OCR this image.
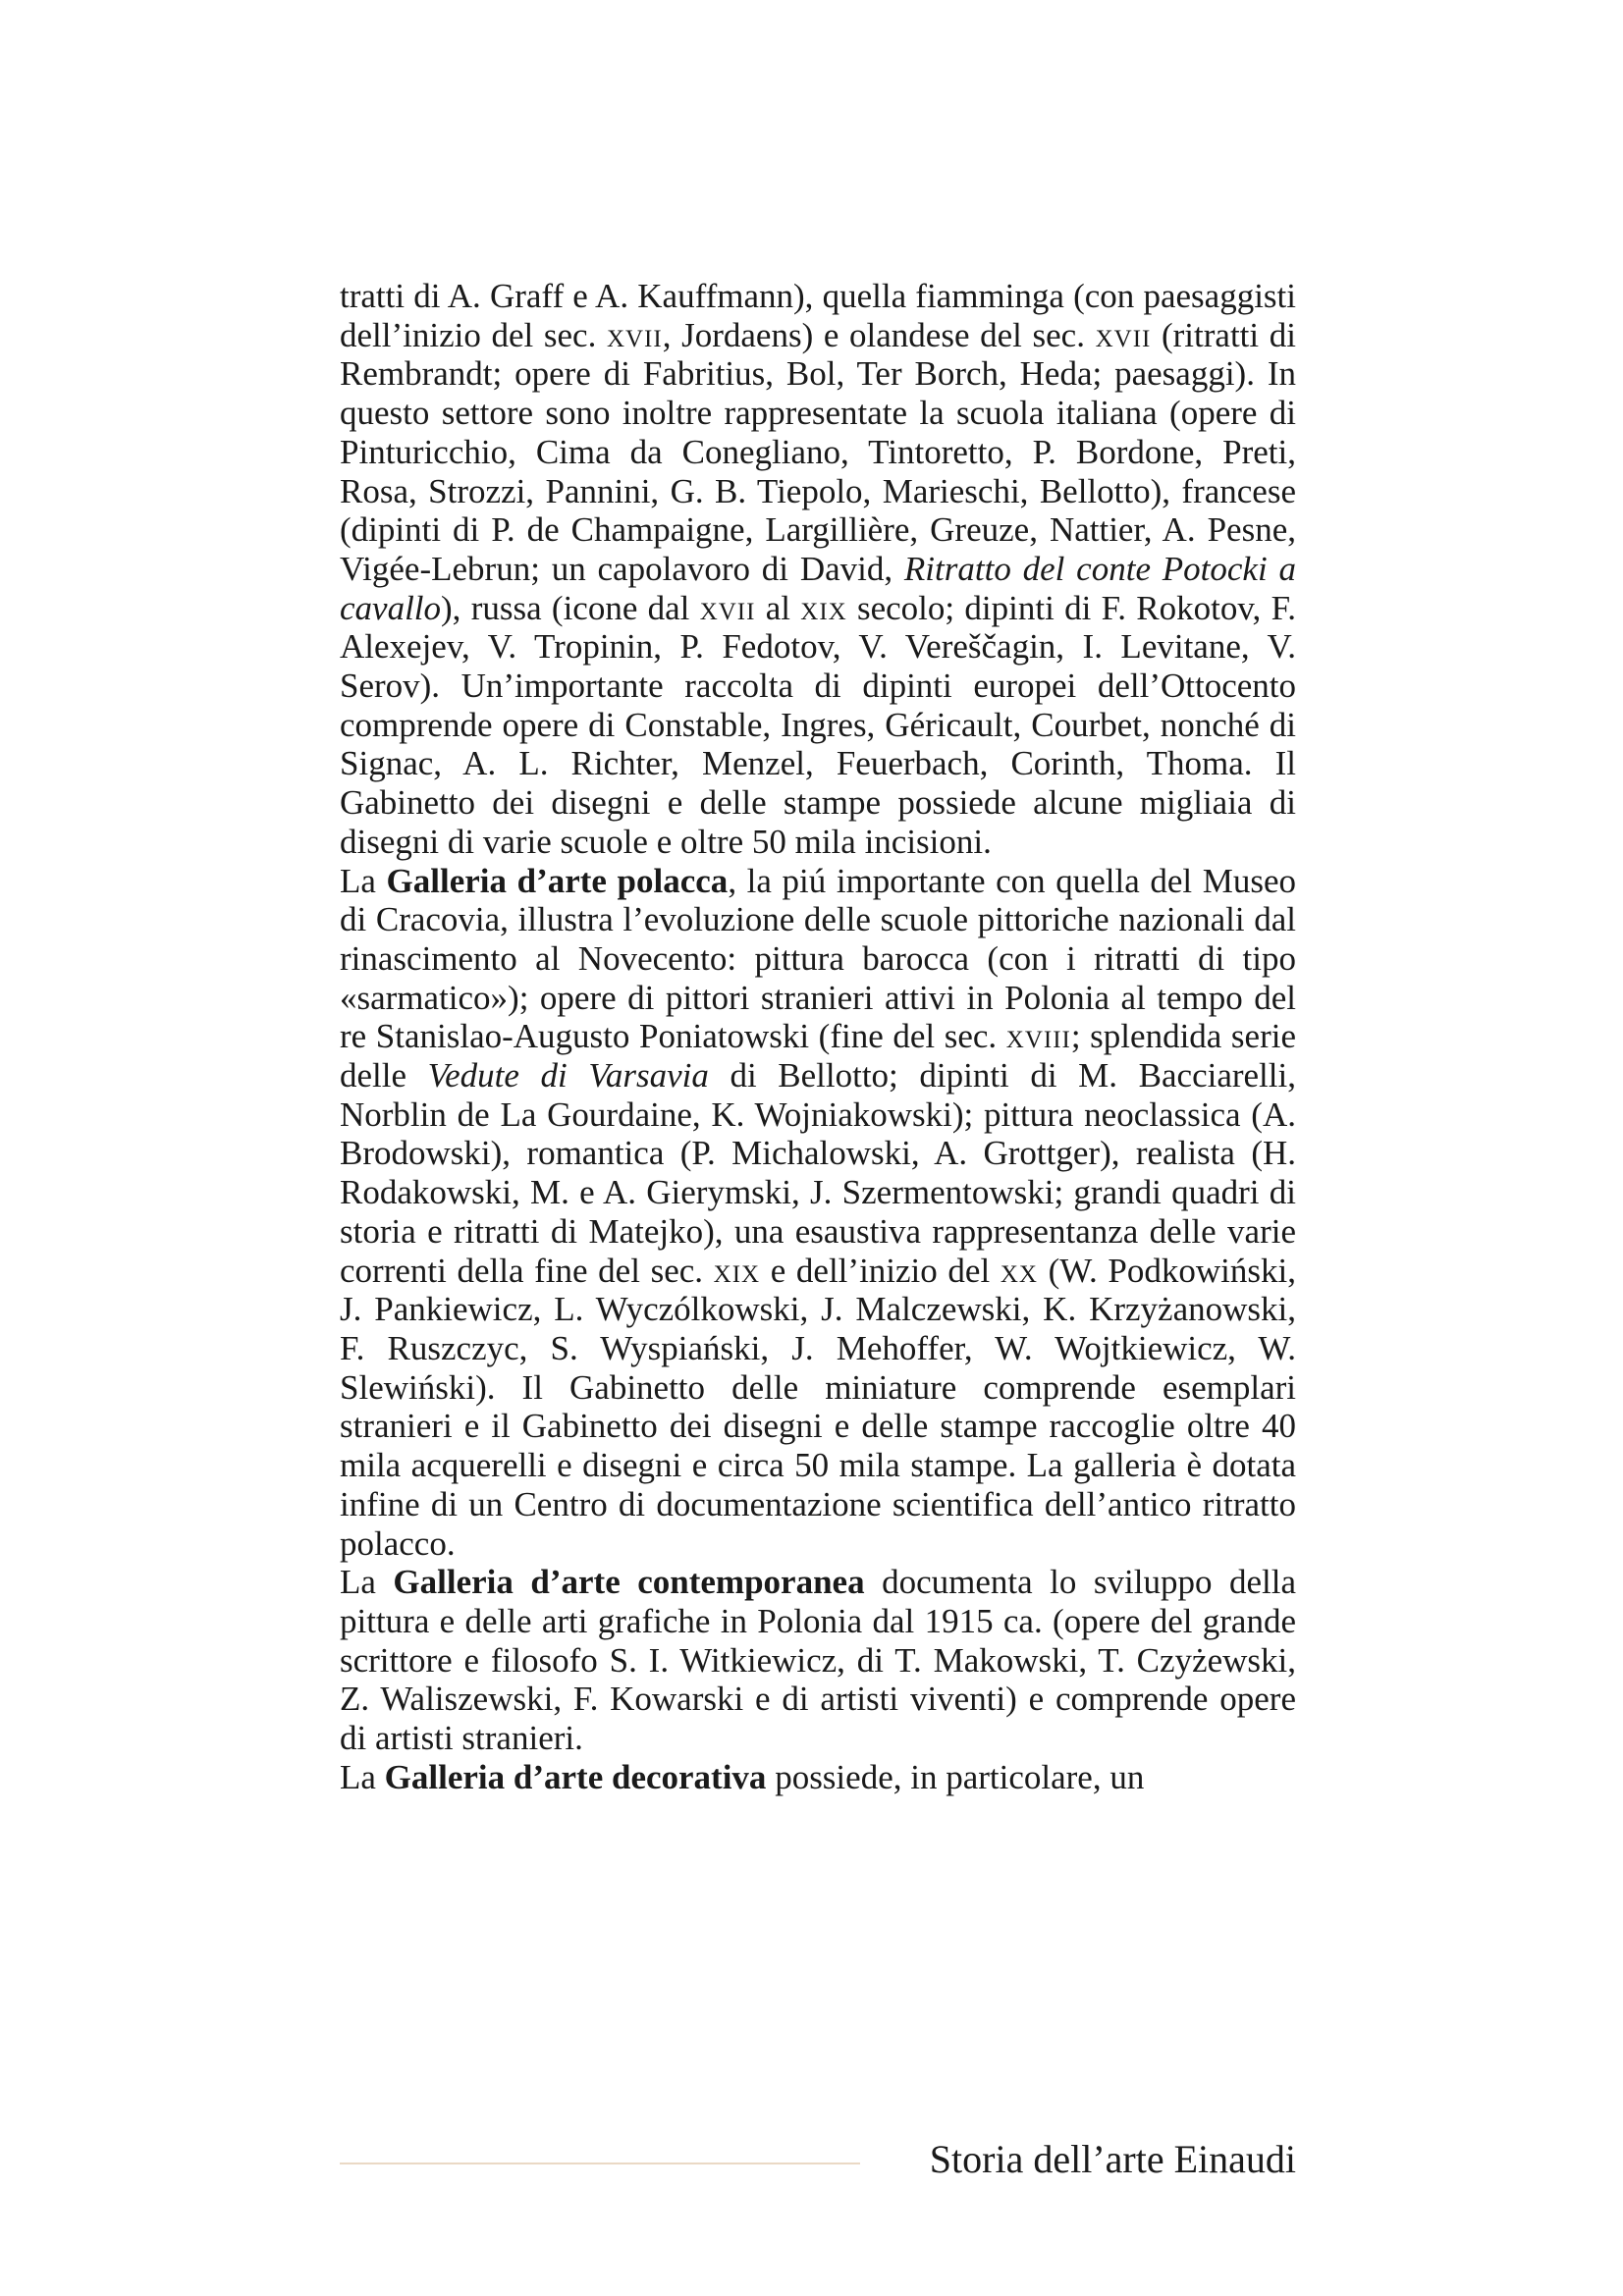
tratti di A. Graff e A. Kauffmann), quella fiamminga (con paesaggisti dell’inizio del sec. xvii, Jordaens) e olandese del sec. xvii (ritratti di Rembrandt; opere di Fabritius, Bol, Ter Borch, Heda; paesaggi). In questo settore sono inoltre rappresentate la scuola italiana (opere di Pinturicchio, Cima da Conegliano, Tintoretto, P. Bordone, Preti, Rosa, Strozzi, Pannini, G. B. Tiepolo, Marieschi, Bellotto), francese (dipinti di P. de Champaigne, Largillière, Greuze, Nattier, A. Pesne, Vigée-Lebrun; un capolavoro di David, Ritratto del conte Potocki a cavallo), russa (icone dal xvii al xix secolo; dipinti di F. Rokotov, F. Alexejev, V. Tropinin, P. Fedotov, V. Vereščagin, I. Levitane, V. Serov). Un’importante raccolta di dipinti europei dell’Ottocento comprende opere di Constable, Ingres, Géricault, Courbet, nonché di Signac, A. L. Richter, Menzel, Feuerbach, Corinth, Thoma. Il Gabinetto dei disegni e delle stampe possiede alcune migliaia di disegni di varie scuole e oltre 50 mila incisioni.

La Galleria d’arte polacca, la piú importante con quella del Museo di Cracovia, illustra l’evoluzione delle scuole pittoriche nazionali dal rinascimento al Novecento: pittura barocca (con i ritratti di tipo «sarmatico»); opere di pittori stranieri attivi in Polonia al tempo del re Stanislao-Augusto Poniatowski (fine del sec. xviii; splendida serie delle Vedute di Varsavia di Bellotto; dipinti di M. Bacciarelli, Norblin de La Gourdaine, K. Wojniakowski); pittura neoclassica (A. Brodowski), romantica (P. Michalowski, A. Grottger), realista (H. Rodakowski, M. e A. Gierymski, J. Szermentowski; grandi quadri di storia e ritratti di Matejko), una esaustiva rappresentanza delle varie correnti della fine del sec. xix e dell’inizio del xx (W. Podkowiński, J. Pankiewicz, L. Wyczólkowski, J. Malczewski, K. Krzyżanowski, F. Ruszczyc, S. Wyspiański, J. Mehoffer, W. Wojtkiewicz, W. Slewiński). Il Gabinetto delle miniature comprende esemplari stranieri e il Gabinetto dei disegni e delle stampe raccoglie oltre 40 mila acquerelli e disegni e circa 50 mila stampe. La galleria è dotata infine di un Centro di documentazione scientifica dell’antico ritratto polacco.

La Galleria d’arte contemporanea documenta lo sviluppo della pittura e delle arti grafiche in Polonia dal 1915 ca. (opere del grande scrittore e filosofo S. I. Witkiewicz, di T. Makowski, T. Czyżewski, Z. Waliszewski, F. Kowarski e di artisti viventi) e comprende opere di artisti stranieri.

La Galleria d’arte decorativa possiede, in particolare, un

Storia dell’arte Einaudi
